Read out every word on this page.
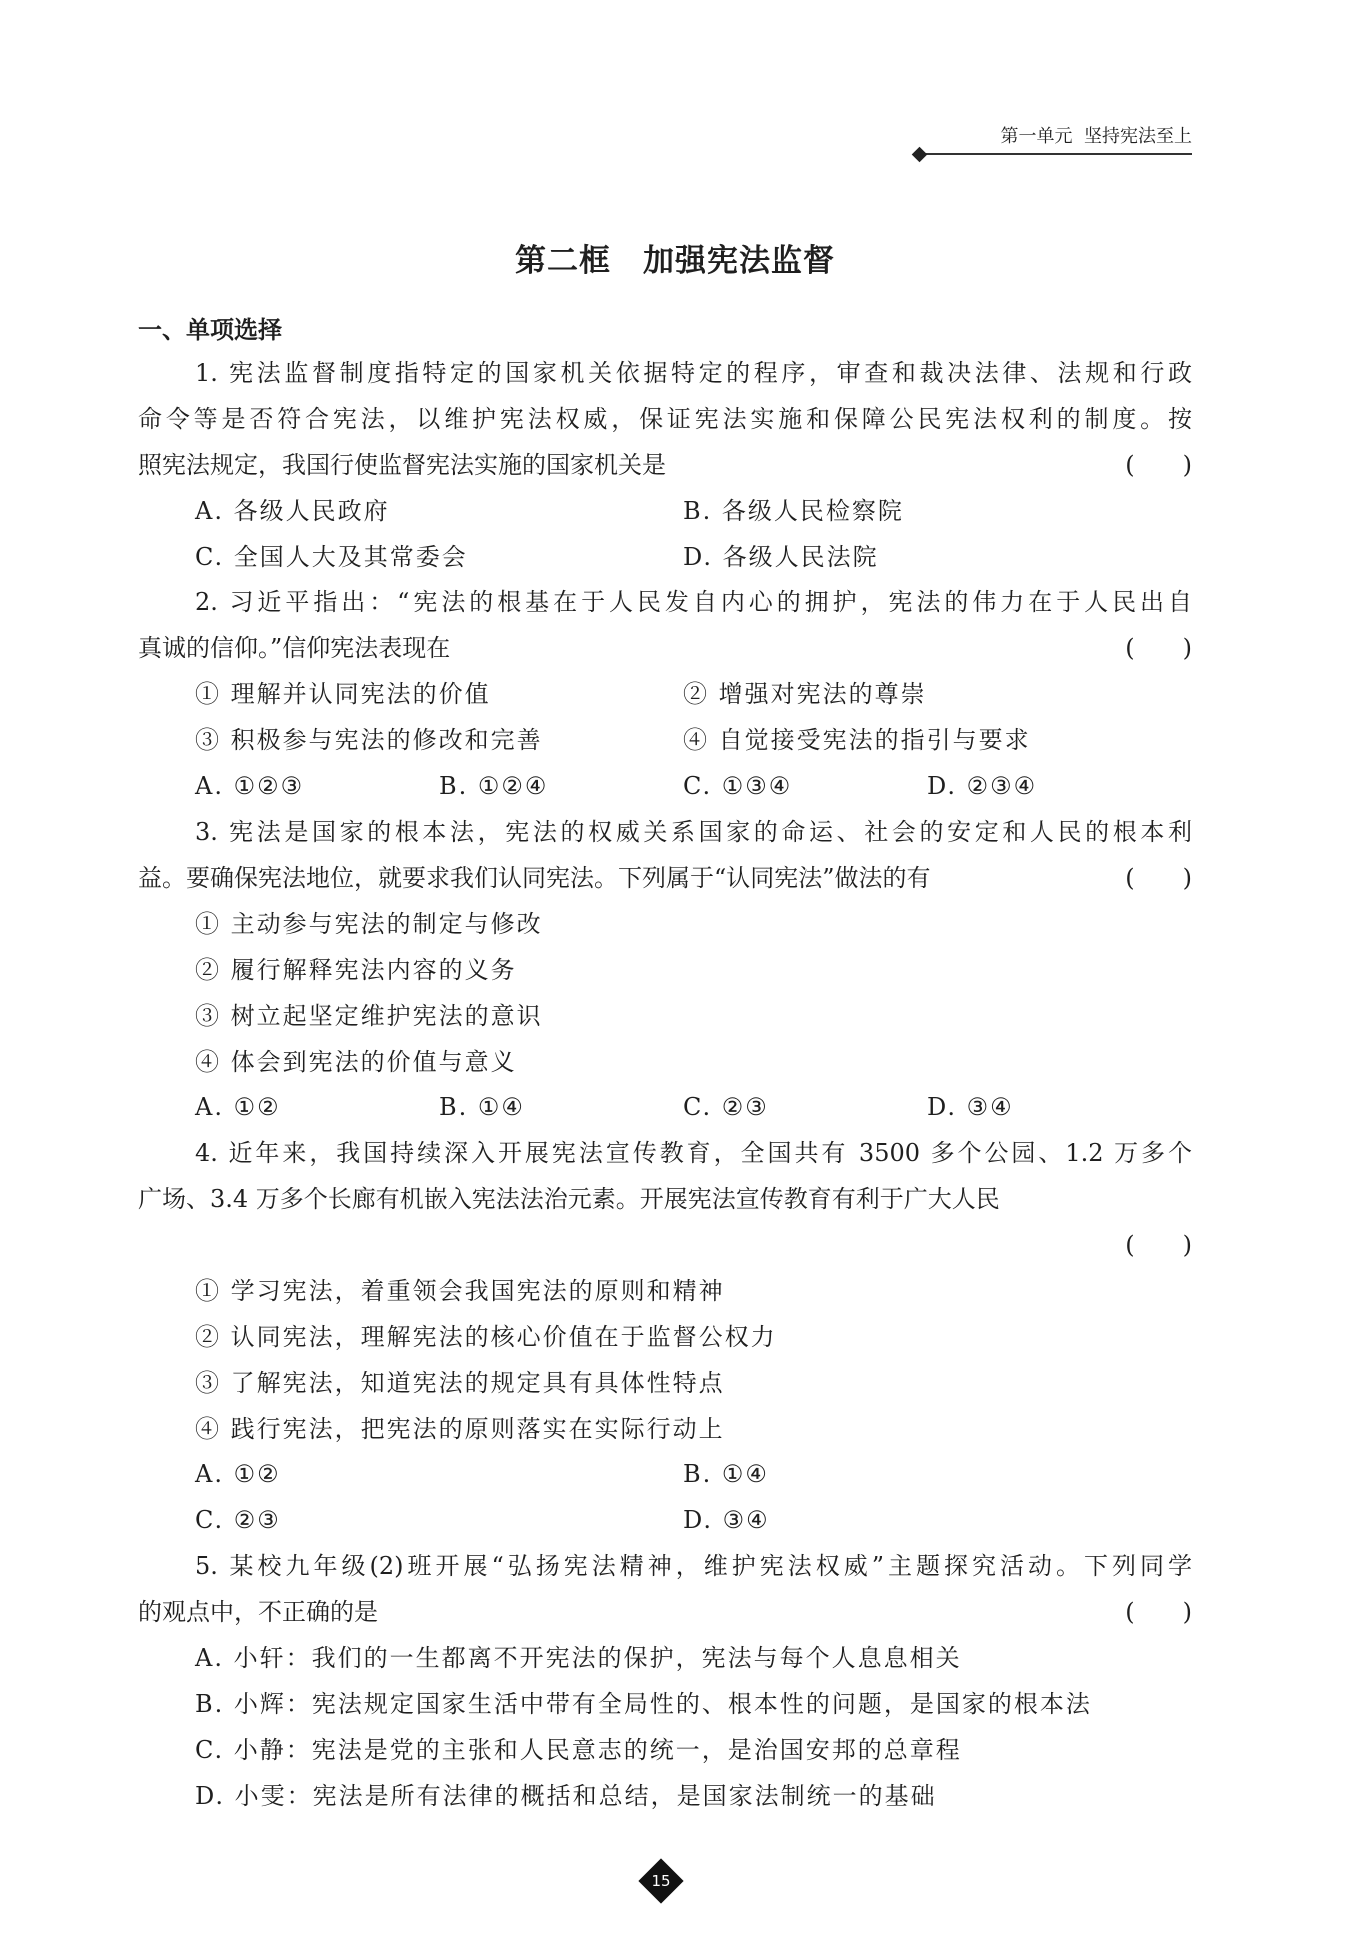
第一单元 坚持宪法至上
第二框　加强宪法监督
一、单项选择
1. 宪法监督制度指特定的国家机关依据特定的程序，审查和裁决法律、法规和行政
命令等是否符合宪法，以维护宪法权威，保证宪法实施和保障公民宪法权利的制度。按
照宪法规定，我国行使监督宪法实施的国家机关是	(　　)
A. 各级人民政府	B. 各级人民检察院
C. 全国人大及其常委会	D. 各级人民法院
2. 习近平指出：“宪法的根基在于人民发自内心的拥护，宪法的伟力在于人民出自
真诚的信仰。”信仰宪法表现在	(　　)
① 理解并认同宪法的价值	② 增强对宪法的尊崇
③ 积极参与宪法的修改和完善	④ 自觉接受宪法的指引与要求
A. ①②③	B. ①②④	C. ①③④	D. ②③④
3. 宪法是国家的根本法，宪法的权威关系国家的命运、社会的安定和人民的根本利
益。要确保宪法地位，就要求我们认同宪法。下列属于“认同宪法”做法的有	(　　)
① 主动参与宪法的制定与修改
② 履行解释宪法内容的义务
③ 树立起坚定维护宪法的意识
④ 体会到宪法的价值与意义
A. ①②	B. ①④	C. ②③	D. ③④
4. 近年来，我国持续深入开展宪法宣传教育，全国共有 3500 多个公园、1.2 万多个
广场、3.4 万多个长廊有机嵌入宪法法治元素。开展宪法宣传教育有利于广大人民
(　　)
① 学习宪法，着重领会我国宪法的原则和精神
② 认同宪法，理解宪法的核心价值在于监督公权力
③ 了解宪法，知道宪法的规定具有具体性特点
④ 践行宪法，把宪法的原则落实在实际行动上
A. ①②	B. ①④
C. ②③	D. ③④
5. 某校九年级(2)班开展“弘扬宪法精神，维护宪法权威”主题探究活动。下列同学
的观点中，不正确的是	(　　)
A. 小轩：我们的一生都离不开宪法的保护，宪法与每个人息息相关
B. 小辉：宪法规定国家生活中带有全局性的、根本性的问题，是国家的根本法
C. 小静：宪法是党的主张和人民意志的统一，是治国安邦的总章程
D. 小雯：宪法是所有法律的概括和总结，是国家法制统一的基础
15
